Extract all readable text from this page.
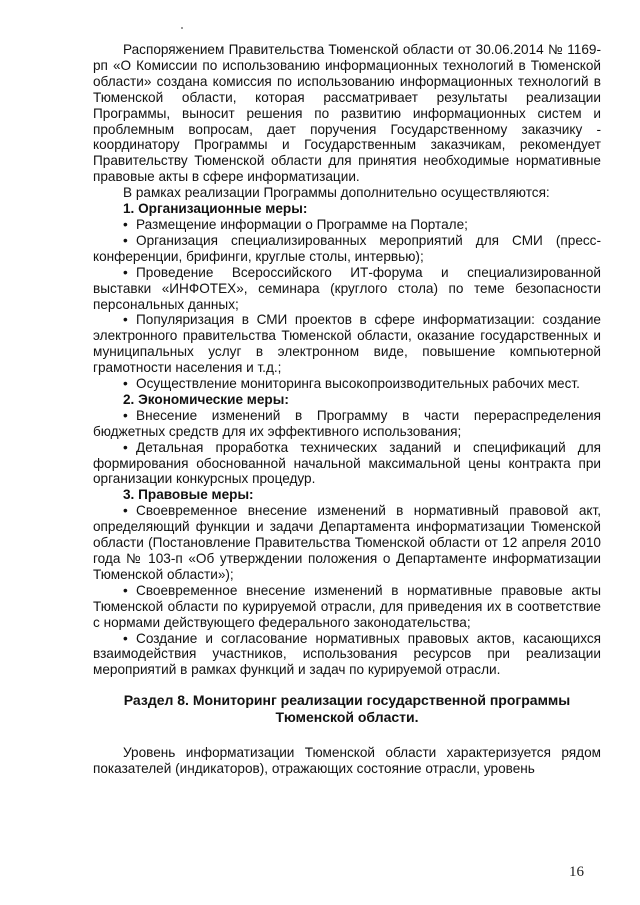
Распоряжением Правительства Тюменской области от 30.06.2014 № 1169-рп «О Комиссии по использованию информационных технологий в Тюменской области» создана комиссия по использованию информационных технологий в Тюменской области, которая рассматривает результаты реализации Программы, выносит решения по развитию информационных систем и проблемным вопросам, дает поручения Государственному заказчику - координатору Программы и Государственным заказчикам, рекомендует Правительству Тюменской области для принятия необходимые нормативные правовые акты в сфере информатизации.

В рамках реализации Программы дополнительно осуществляются:

1. Организационные меры:

• Размещение информации о Программе на Портале;

• Организация специализированных мероприятий для СМИ (пресс-конференции, брифинги, круглые столы, интервью);

• Проведение Всероссийского ИТ-форума и специализированной выставки «ИНФОТЕХ», семинара (круглого стола) по теме безопасности персональных данных;

• Популяризация в СМИ проектов в сфере информатизации: создание электронного правительства Тюменской области, оказание государственных и муниципальных услуг в электронном виде, повышение компьютерной грамотности населения и т.д.;

• Осуществление мониторинга высокопроизводительных рабочих мест.

2. Экономические меры:

• Внесение изменений в Программу в части перераспределения бюджетных средств для их эффективного использования;

• Детальная проработка технических заданий и спецификаций для формирования обоснованной начальной максимальной цены контракта при организации конкурсных процедур.

3. Правовые меры:

• Своевременное внесение изменений в нормативный правовой акт, определяющий функции и задачи Департамента информатизации Тюменской области (Постановление Правительства Тюменской области от 12 апреля 2010 года № 103-п «Об утверждении положения о Департаменте информатизации Тюменской области»);

• Своевременное внесение изменений в нормативные правовые акты Тюменской области по курируемой отрасли, для приведения их в соответствие с нормами действующего федерального законодательства;

• Создание и согласование нормативных правовых актов, касающихся взаимодействия участников, использования ресурсов при реализации мероприятий в рамках функций и задач по курируемой отрасли.

Раздел 8. Мониторинг реализации государственной программы Тюменской области.

Уровень информатизации Тюменской области характеризуется рядом показателей (индикаторов), отражающих состояние отрасли, уровень

16
